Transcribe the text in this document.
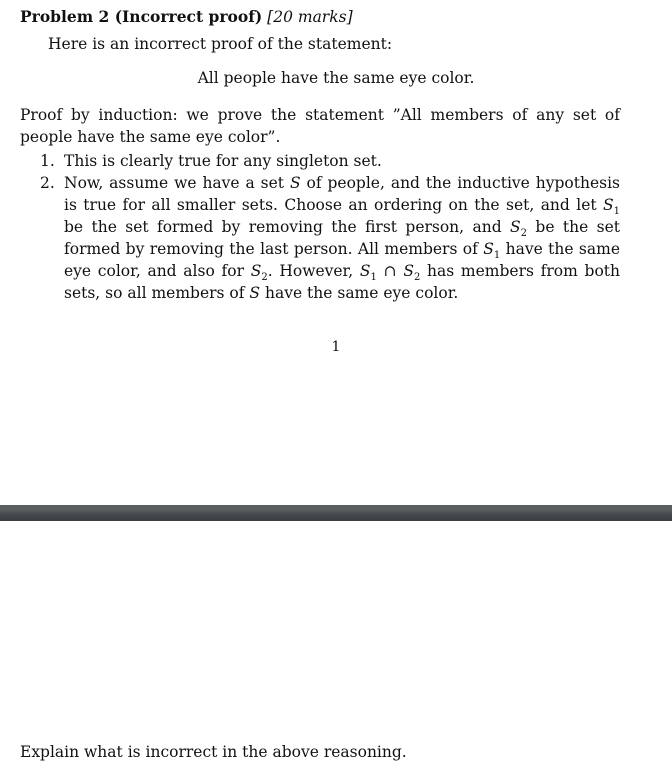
Problem 2 (Incorrect proof) [20 marks]
Here is an incorrect proof of the statement:
All people have the same eye color.
Proof by induction: we prove the statement ”All members of any set of people have the same eye color”.
1. This is clearly true for any singleton set.
2. Now, assume we have a set S of people, and the inductive hypothesis is true for all smaller sets. Choose an ordering on the set, and let $S_1$ be the set formed by removing the first person, and $S_2$ be the set formed by removing the last person. All members of $S_1$ have the same eye color, and also for $S_2$. However, $S_1$ ∩ $S_2$ has members from both sets, so all members of S have the same eye color.
1
Explain what is incorrect in the above reasoning.
